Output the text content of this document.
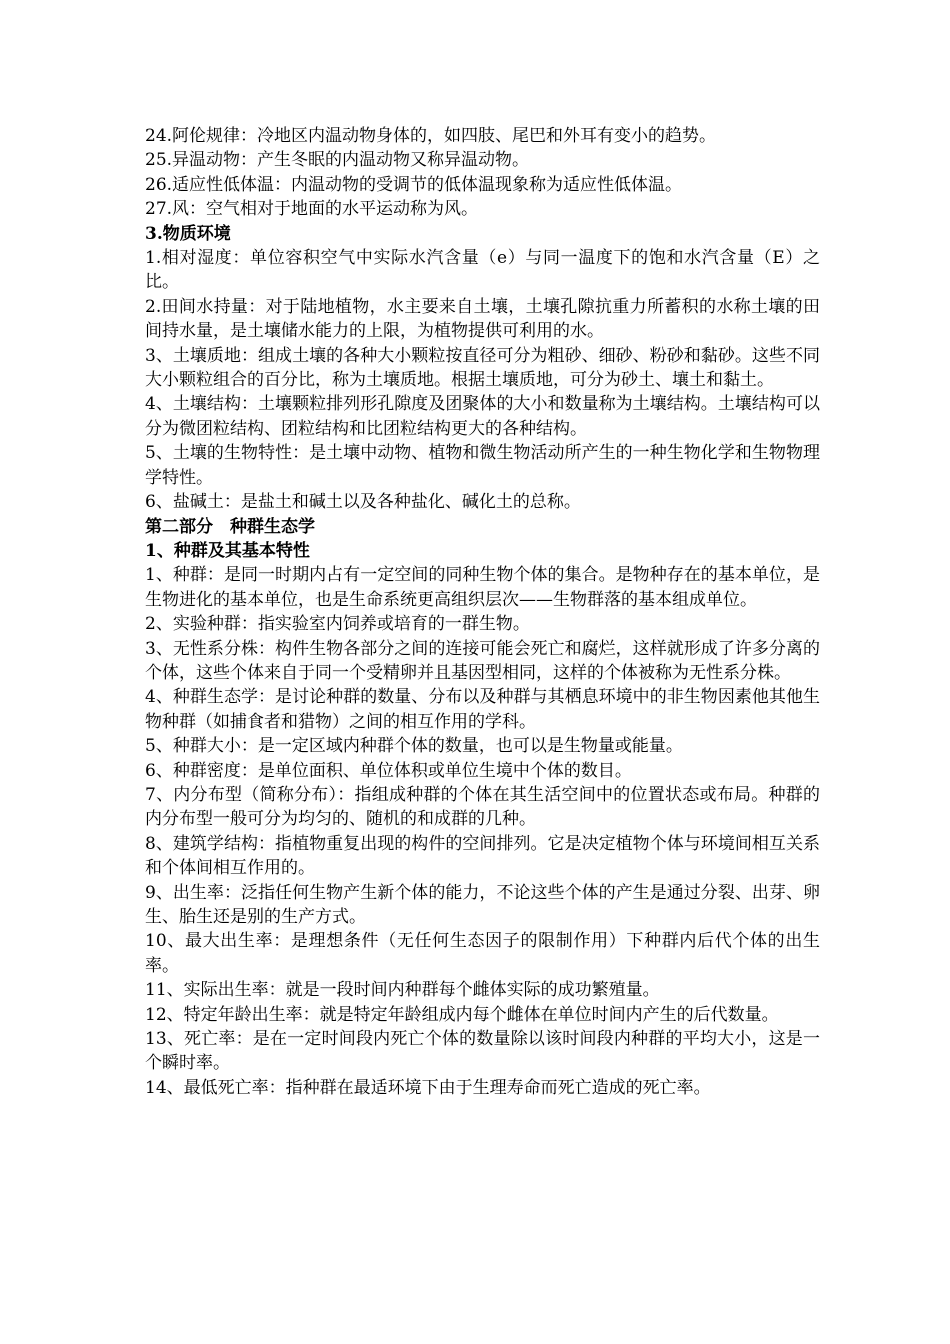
24.阿伦规律：冷地区内温动物身体的，如四肢、尾巴和外耳有变小的趋势。

25.异温动物：产生冬眠的内温动物又称异温动物。

26.适应性低体温：内温动物的受调节的低体温现象称为适应性低体温。

27.风：空气相对于地面的水平运动称为风。

3.物质环境

1.相对湿度：单位容积空气中实际水汽含量（e）与同一温度下的饱和水汽含量（E）之比。

2.田间水持量：对于陆地植物，水主要来自土壤，土壤孔隙抗重力所蓄积的水称土壤的田间持水量，是土壤储水能力的上限，为植物提供可利用的水。

3、土壤质地：组成土壤的各种大小颗粒按直径可分为粗砂、细砂、粉砂和黏砂。这些不同大小颗粒组合的百分比，称为土壤质地。根据土壤质地，可分为砂土、壤土和黏土。

4、土壤结构：土壤颗粒排列形孔隙度及团聚体的大小和数量称为土壤结构。土壤结构可以分为微团粒结构、团粒结构和比团粒结构更大的各种结构。

5、土壤的生物特性：是土壤中动物、植物和微生物活动所产生的一种生物化学和生物物理学特性。

6、盐碱土：是盐土和碱土以及各种盐化、碱化土的总称。

第二部分　种群生态学

1、种群及其基本特性

1、种群：是同一时期内占有一定空间的同种生物个体的集合。是物种存在的基本单位，是生物进化的基本单位，也是生命系统更高组织层次——生物群落的基本组成单位。

2、实验种群：指实验室内饲养或培育的一群生物。

3、无性系分株：构件生物各部分之间的连接可能会死亡和腐烂，这样就形成了许多分离的个体，这些个体来自于同一个受精卵并且基因型相同，这样的个体被称为无性系分株。

4、种群生态学：是讨论种群的数量、分布以及种群与其栖息环境中的非生物因素他其他生物种群（如捕食者和猎物）之间的相互作用的学科。

5、种群大小：是一定区域内种群个体的数量，也可以是生物量或能量。

6、种群密度：是单位面积、单位体积或单位生境中个体的数目。

7、内分布型（简称分布）：指组成种群的个体在其生活空间中的位置状态或布局。种群的内分布型一般可分为均匀的、随机的和成群的几种。

8、建筑学结构：指植物重复出现的构件的空间排列。它是决定植物个体与环境间相互关系和个体间相互作用的。

9、出生率：泛指任何生物产生新个体的能力，不论这些个体的产生是通过分裂、出芽、卵生、胎生还是别的生产方式。

10、最大出生率：是理想条件（无任何生态因子的限制作用）下种群内后代个体的出生率。

11、实际出生率：就是一段时间内种群每个雌体实际的成功繁殖量。

12、特定年龄出生率：就是特定年龄组成内每个雌体在单位时间内产生的后代数量。

13、死亡率：是在一定时间段内死亡个体的数量除以该时间段内种群的平均大小，这是一个瞬时率。

14、最低死亡率：指种群在最适环境下由于生理寿命而死亡造成的死亡率。
